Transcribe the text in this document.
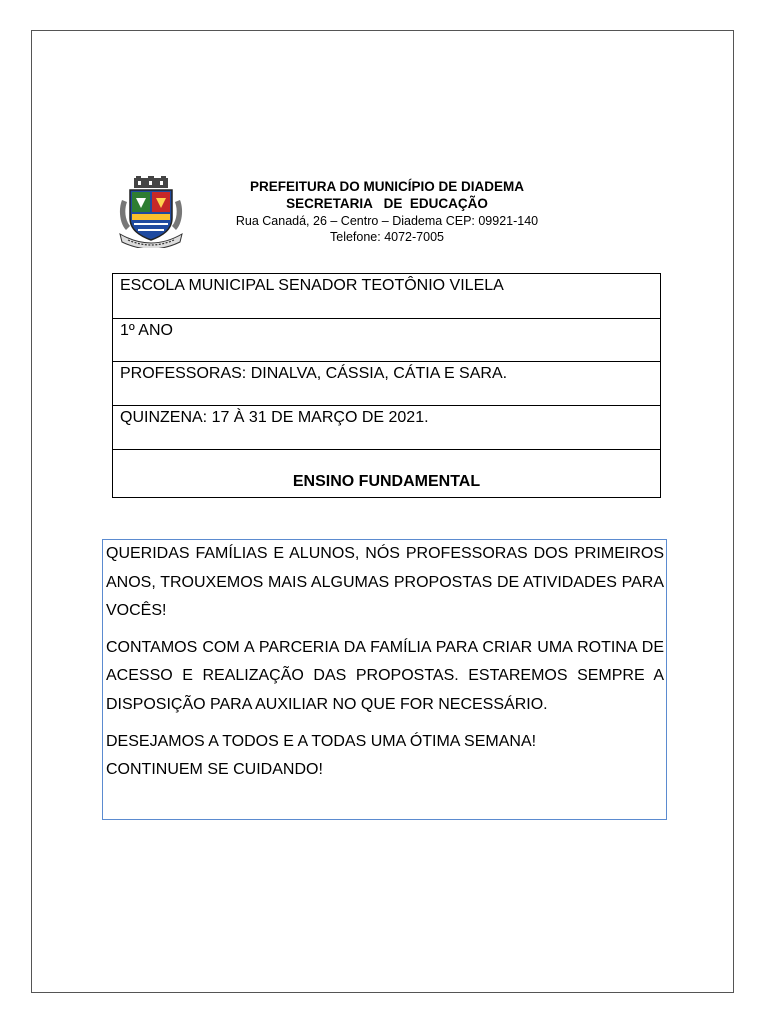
PREFEITURA DO MUNICÍPIO DE DIADEMA
SECRETARIA   DE  EDUCAÇÃO
Rua Canadá, 26 – Centro – Diadema CEP: 09921-140
Telefone: 4072-7005
ESCOLA MUNICIPAL SENADOR TEOTÔNIO VILELA
1º ANO
PROFESSORAS: DINALVA, CÁSSIA, CÁTIA E SARA.
QUINZENA: 17 À 31 DE MARÇO DE 2021.
ENSINO FUNDAMENTAL

QUERIDAS FAMÍLIAS E ALUNOS, NÓS PROFESSORAS DOS PRIMEIROS ANOS, TROUXEMOS MAIS ALGUMAS PROPOSTAS DE ATIVIDADES PARA VOCÊS!

CONTAMOS COM A PARCERIA DA FAMÍLIA PARA CRIAR UMA ROTINA DE ACESSO E REALIZAÇÃO DAS PROPOSTAS. ESTAREMOS SEMPRE A DISPOSIÇÃO PARA AUXILIAR NO QUE FOR NECESSÁRIO.

DESEJAMOS A TODOS E A TODAS UMA ÓTIMA SEMANA!
CONTINUEM SE CUIDANDO!
